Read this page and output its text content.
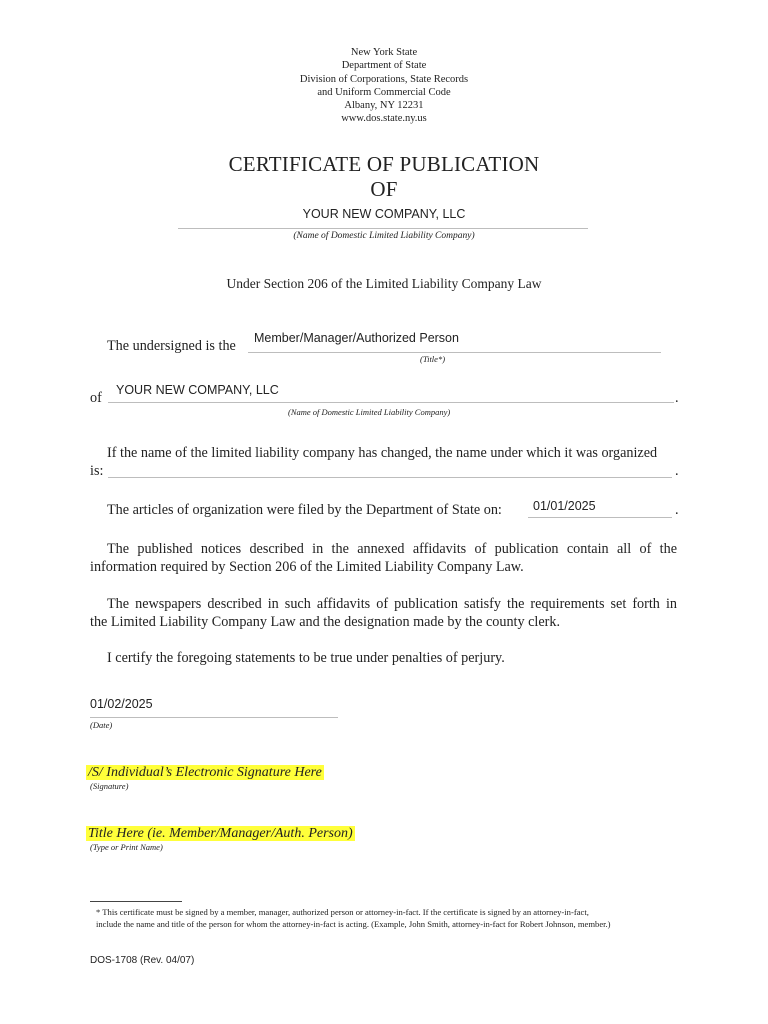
New York State
Department of State
Division of Corporations, State Records
and Uniform Commercial Code
Albany, NY 12231
www.dos.state.ny.us
CERTIFICATE OF PUBLICATION
OF
YOUR NEW COMPANY, LLC
(Name of Domestic Limited Liability Company)
Under Section 206 of the Limited Liability Company Law
The undersigned is the Member/Manager/Authorized Person
(Title*)
of YOUR NEW COMPANY, LLC	.
(Name of Domestic Limited Liability Company)
If the name of the limited liability company has changed, the name under which it was organized
is:	.
The articles of organization were filed by the Department of State on: 01/01/2025	.
The published notices described in the annexed affidavits of publication contain all of the
information required by Section 206 of the Limited Liability Company Law.
The newspapers described in such affidavits of publication satisfy the requirements set forth in
the Limited Liability Company Law and the designation made by the county clerk.
I certify the foregoing statements to be true under penalties of perjury.
01/02/2025
(Date)
/S/ Individual’s Electronic Signature Here
(Signature)
Title Here (ie. Member/Manager/Auth. Person)
(Type or Print Name)
* This certificate must be signed by a member, manager, authorized person or attorney-in-fact. If the certificate is signed by an attorney-in-fact,
include the name and title of the person for whom the attorney-in-fact is acting. (Example, John Smith, attorney-in-fact for Robert Johnson, member.)
DOS-1708 (Rev. 04/07)
